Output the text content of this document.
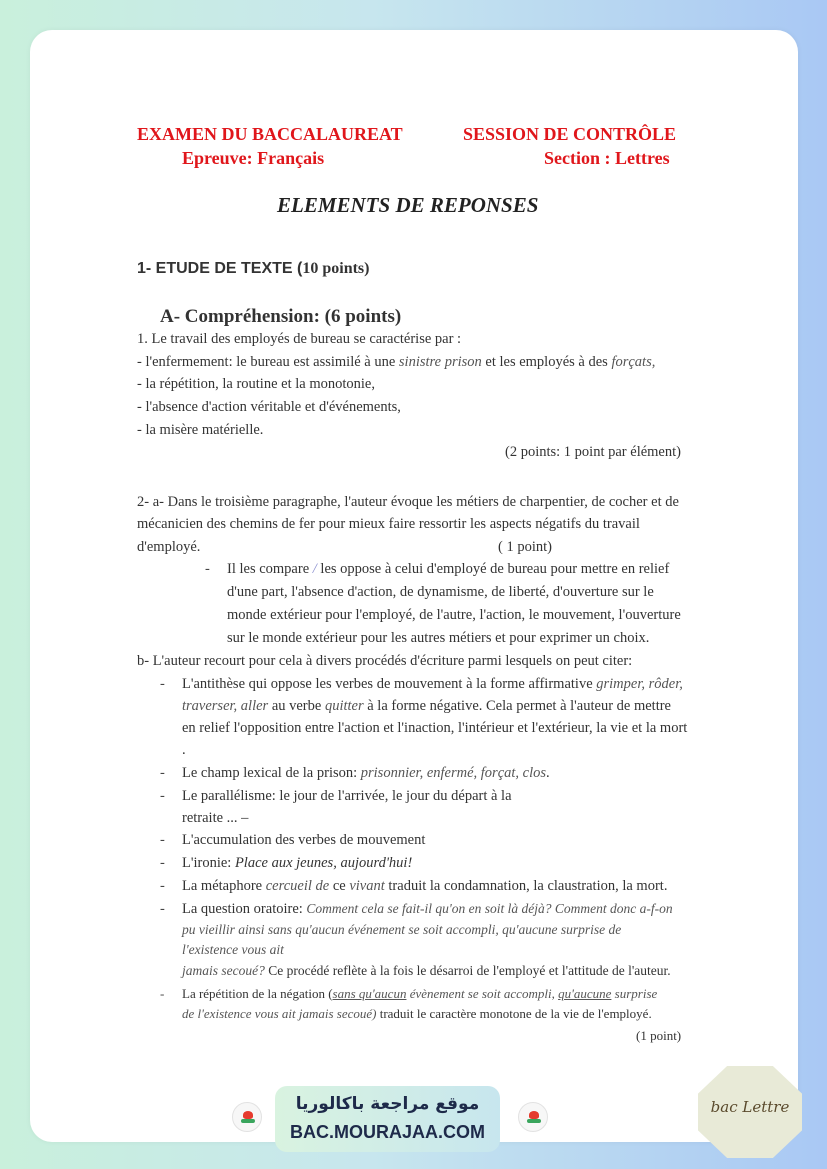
EXAMEN DU BACCALAUREAT	SESSION DE CONTRÔLE
Epreuve: Français	Section : Lettres
ELEMENTS DE REPONSES
1- ETUDE DE TEXTE (10 points)
A- Compréhension: (6 points)
1. Le travail des employés de bureau se caractérise par :
- l'enfermement: le bureau est assimilé à une sinistre prison et les employés à des forçats,
- la répétition, la routine et la monotonie,
- l'absence d'action véritable et d'événements,
- la misère matérielle.
(2 points: 1 point par élément)
2- a- Dans le troisième paragraphe, l'auteur évoque les métiers de charpentier, de cocher et de
mécanicien des chemins de fer pour mieux faire ressortir les aspects négatifs du travail
d'employé.	( 1 point)
- Il les compare / les oppose à celui d'employé de bureau pour mettre en relief
d'une part, l'absence d'action, de dynamisme, de liberté, d'ouverture sur le
monde extérieur pour l'employé, de l'autre, l'action, le mouvement, l'ouverture
sur le monde extérieur pour les autres métiers et pour exprimer un choix.
b- L'auteur recourt pour cela à divers procédés d'écriture parmi lesquels on peut citer:
- L'antithèse qui oppose les verbes de mouvement à la forme affirmative grimper, rôder,
traverser, aller au verbe quitter à la forme négative. Cela permet à l'auteur de mettre
en relief l'opposition entre l'action et l'inaction, l'intérieur et l'extérieur, la vie et la mort
.
- Le champ lexical de la prison: prisonnier, enfermé, forçat, clos.
- Le parallélisme: le jour de l'arrivée, le jour du départ à la
retraite ... –
- L'accumulation des verbes de mouvement
- L'ironie: Place aux jeunes, aujourd'hui!
- La métaphore cercueil de ce vivant traduit la condamnation, la claustration, la mort.
- La question oratoire: Comment cela se fait-il qu'on en soit là déjà? Comment donc a-f-on
pu vieillir ainsi sans qu'aucun événement se soit accompli, qu'aucune surprise de
l'existence vous ait
jamais secoué? Ce procédé reflète à la fois le désarroi de l'employé et l'attitude de l'auteur.
- La répétition de la négation (sans qu'aucun évènement se soit accompli, qu'aucune surprise
de l'existence vous ait jamais secoué) traduit le caractère monotone de la vie de l'employé.
(1 point)
موقع مراجعة باكالوريا
BAC.MOURAJAA.COM
bac Lettre
